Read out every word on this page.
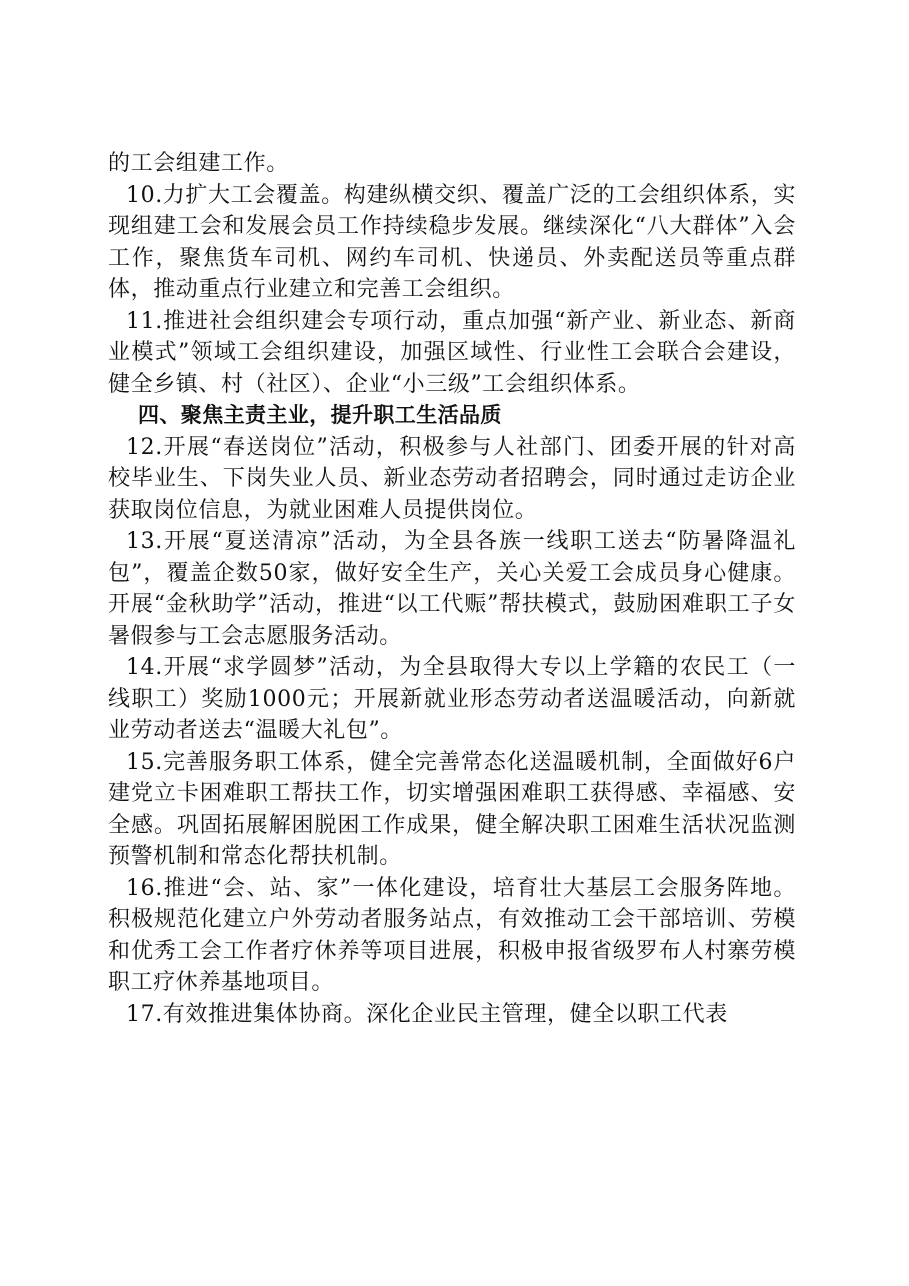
的工会组建工作。

10.力扩大工会覆盖。构建纵横交织、覆盖广泛的工会组织体系，实现组建工会和发展会员工作持续稳步发展。继续深化“八大群体”入会工作，聚焦货车司机、网约车司机、快递员、外卖配送员等重点群体，推动重点行业建立和完善工会组织。

11.推进社会组织建会专项行动，重点加强“新产业、新业态、新商业模式”领域工会组织建设，加强区域性、行业性工会联合会建设，健全乡镇、村（社区）、企业“小三级”工会组织体系。

四、聚焦主责主业，提升职工生活品质

12.开展“春送岗位”活动，积极参与人社部门、团委开展的针对高校毕业生、下岗失业人员、新业态劳动者招聘会，同时通过走访企业获取岗位信息，为就业困难人员提供岗位。

13.开展“夏送清凉”活动，为全县各族一线职工送去“防暑降温礼包”，覆盖企数50家，做好安全生产，关心关爱工会成员身心健康。开展“金秋助学”活动，推进“以工代赈”帮扶模式，鼓励困难职工子女暑假参与工会志愿服务活动。

14.开展“求学圆梦”活动，为全县取得大专以上学籍的农民工（一线职工）奖励1000元；开展新就业形态劳动者送温暖活动，向新就业劳动者送去“温暖大礼包”。

15.完善服务职工体系，健全完善常态化送温暖机制，全面做好6户建党立卡困难职工帮扶工作，切实增强困难职工获得感、幸福感、安全感。巩固拓展解困脱困工作成果，健全解决职工困难生活状况监测预警机制和常态化帮扶机制。

16.推进“会、站、家”一体化建设，培育壮大基层工会服务阵地。积极规范化建立户外劳动者服务站点，有效推动工会干部培训、劳模和优秀工会工作者疗休养等项目进展，积极申报省级罗布人村寨劳模职工疗休养基地项目。

17.有效推进集体协商。深化企业民主管理，健全以职工代表
